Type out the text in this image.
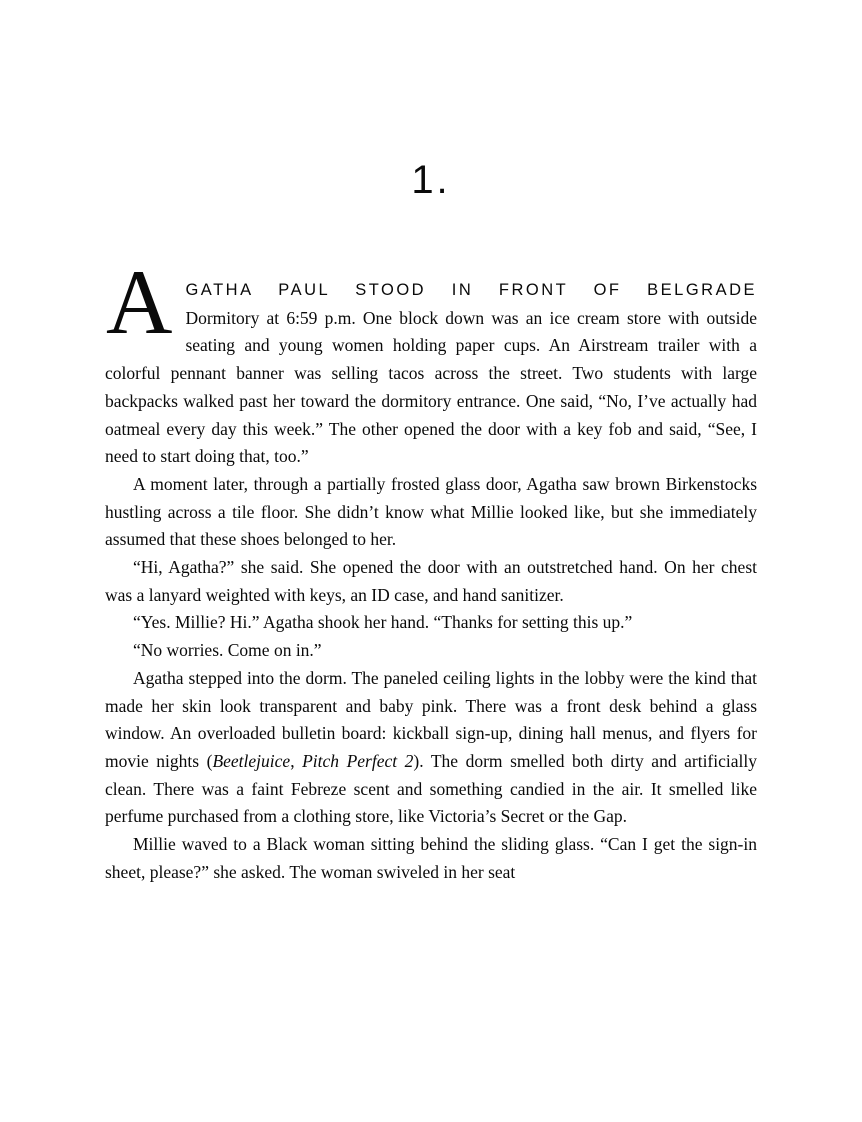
1.

A GATHA PAUL STOOD IN FRONT OF BELGRADE
Dormitory at 6:59 p.m. One block down was an ice cream store with outside seating and young women holding paper cups. An Airstream trailer with a colorful pennant banner was selling tacos across the street. Two students with large backpacks walked past her toward the dormitory entrance. One said, “No, I’ve actually had oatmeal every day this week.” The other opened the door with a key fob and said, “See, I need to start doing that, too.”

A moment later, through a partially frosted glass door, Agatha saw brown Birkenstocks hustling across a tile floor. She didn’t know what Millie looked like, but she immediately assumed that these shoes belonged to her.

“Hi, Agatha?” she said. She opened the door with an outstretched hand. On her chest was a lanyard weighted with keys, an ID case, and hand sanitizer.

“Yes. Millie? Hi.” Agatha shook her hand. “Thanks for setting this up.”

“No worries. Come on in.”

Agatha stepped into the dorm. The paneled ceiling lights in the lobby were the kind that made her skin look transparent and baby pink. There was a front desk behind a glass window. An overloaded bulletin board: kickball sign-up, dining hall menus, and flyers for movie nights (Beetlejuice, Pitch Perfect 2). The dorm smelled both dirty and artificially clean. There was a faint Febreze scent and something candied in the air. It smelled like perfume purchased from a clothing store, like Victoria’s Secret or the Gap.

Millie waved to a Black woman sitting behind the sliding glass. “Can I get the sign-in sheet, please?” she asked. The woman swiveled in her seat
